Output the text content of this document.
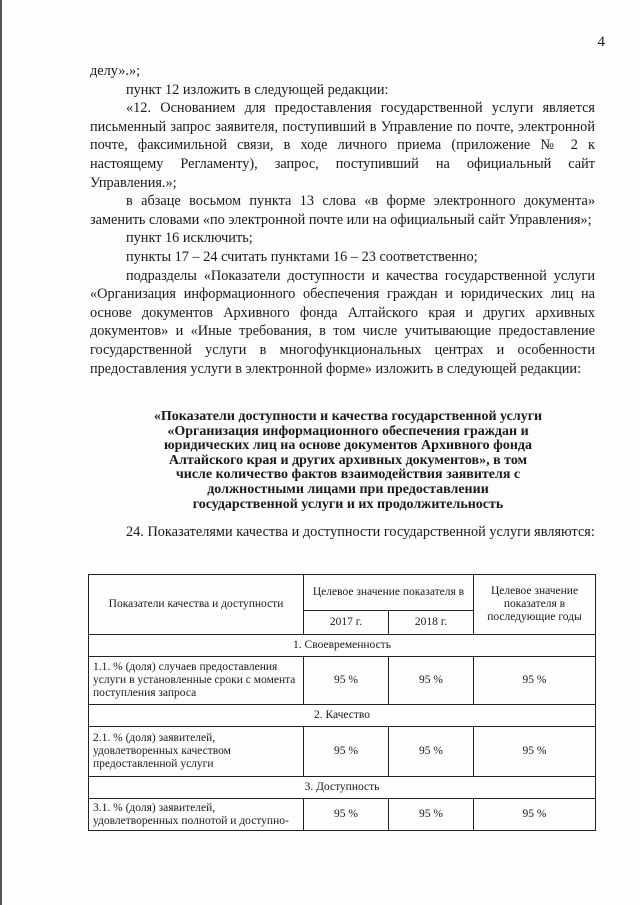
4

делу».»;

пункт 12 изложить в следующей редакции:

«12. Основанием для предоставления государственной услуги является письменный запрос заявителя, поступивший в Управление по почте, электронной почте, факсимильной связи, в ходе личного приема (приложение № 2 к настоящему Регламенту), запрос, поступивший на официальный сайт Управления.»;

в абзаце восьмом пункта 13 слова «в форме электронного документа» заменить словами «по электронной почте или на официальный сайт Управления»;

пункт 16 исключить;

пункты 17 – 24 считать пунктами 16 – 23 соответственно;

подразделы «Показатели доступности и качества государственной услуги «Организация информационного обеспечения граждан и юридических лиц на основе документов Архивного фонда Алтайского края и других архивных документов» и «Иные требования, в том числе учитывающие предоставление государственной услуги в многофункциональных центрах и особенности предоставления услуги в электронной форме» изложить в следующей редакции:

«Показатели доступности и качества государственной услуги
«Организация информационного обеспечения граждан и
юридических лиц на основе документов Архивного фонда
Алтайского края и других архивных документов», в том
числе количество фактов взаимодействия заявителя с
должностными лицами при предоставлении
государственной услуги и их продолжительность

24. Показателями качества и доступности государственной услуги являются:

Показатели качества и доступности	Целевое значение показателя в		Целевое значение показателя в последующие годы
	2017 г.	2018 г.	
1. Своевременность			
1.1. % (доля) случаев предоставления услуги в установленные сроки с момента поступления запроса	95 %	95 %	95 %
2. Качество			
2.1. % (доля) заявителей, удовлетворенных качеством предоставленной услуги	95 %	95 %	95 %
3. Доступность			
3.1. % (доля) заявителей, удовлетворенных полнотой и доступно-	95 %	95 %	95 %
